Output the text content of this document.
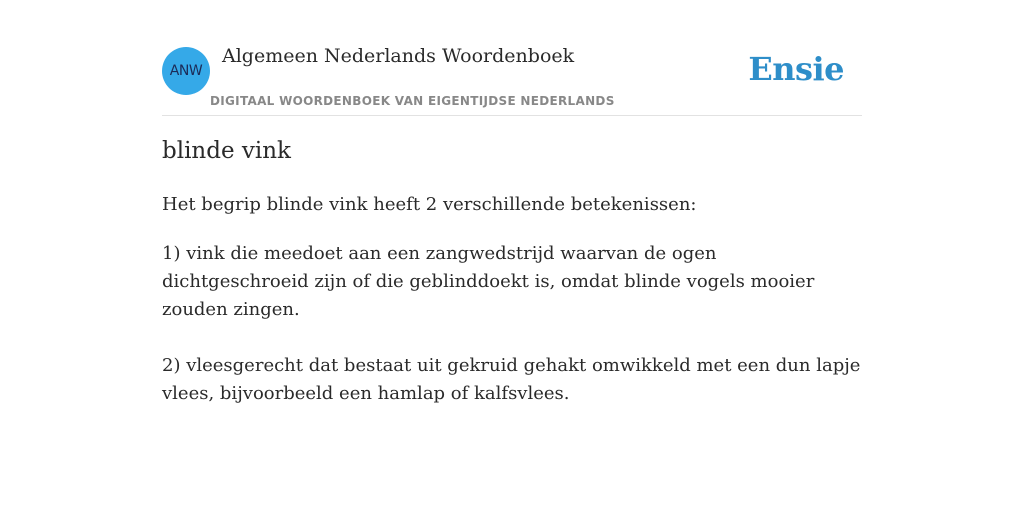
ANW
Algemeen Nederlands Woordenboek
DIGITAAL WOORDENBOEK VAN EIGENTIJDSE NEDERLANDS
Ensie
blinde vink

Het begrip blinde vink heeft 2 verschillende betekenissen:

1) vink die meedoet aan een zangwedstrijd waarvan de ogen dichtgeschroeid zijn of die geblinddoekt is, omdat blinde vogels mooier zouden zingen.

2) vleesgerecht dat bestaat uit gekruid gehakt omwikkeld met een dun lapje vlees, bijvoorbeeld een hamlap of kalfsvlees.
